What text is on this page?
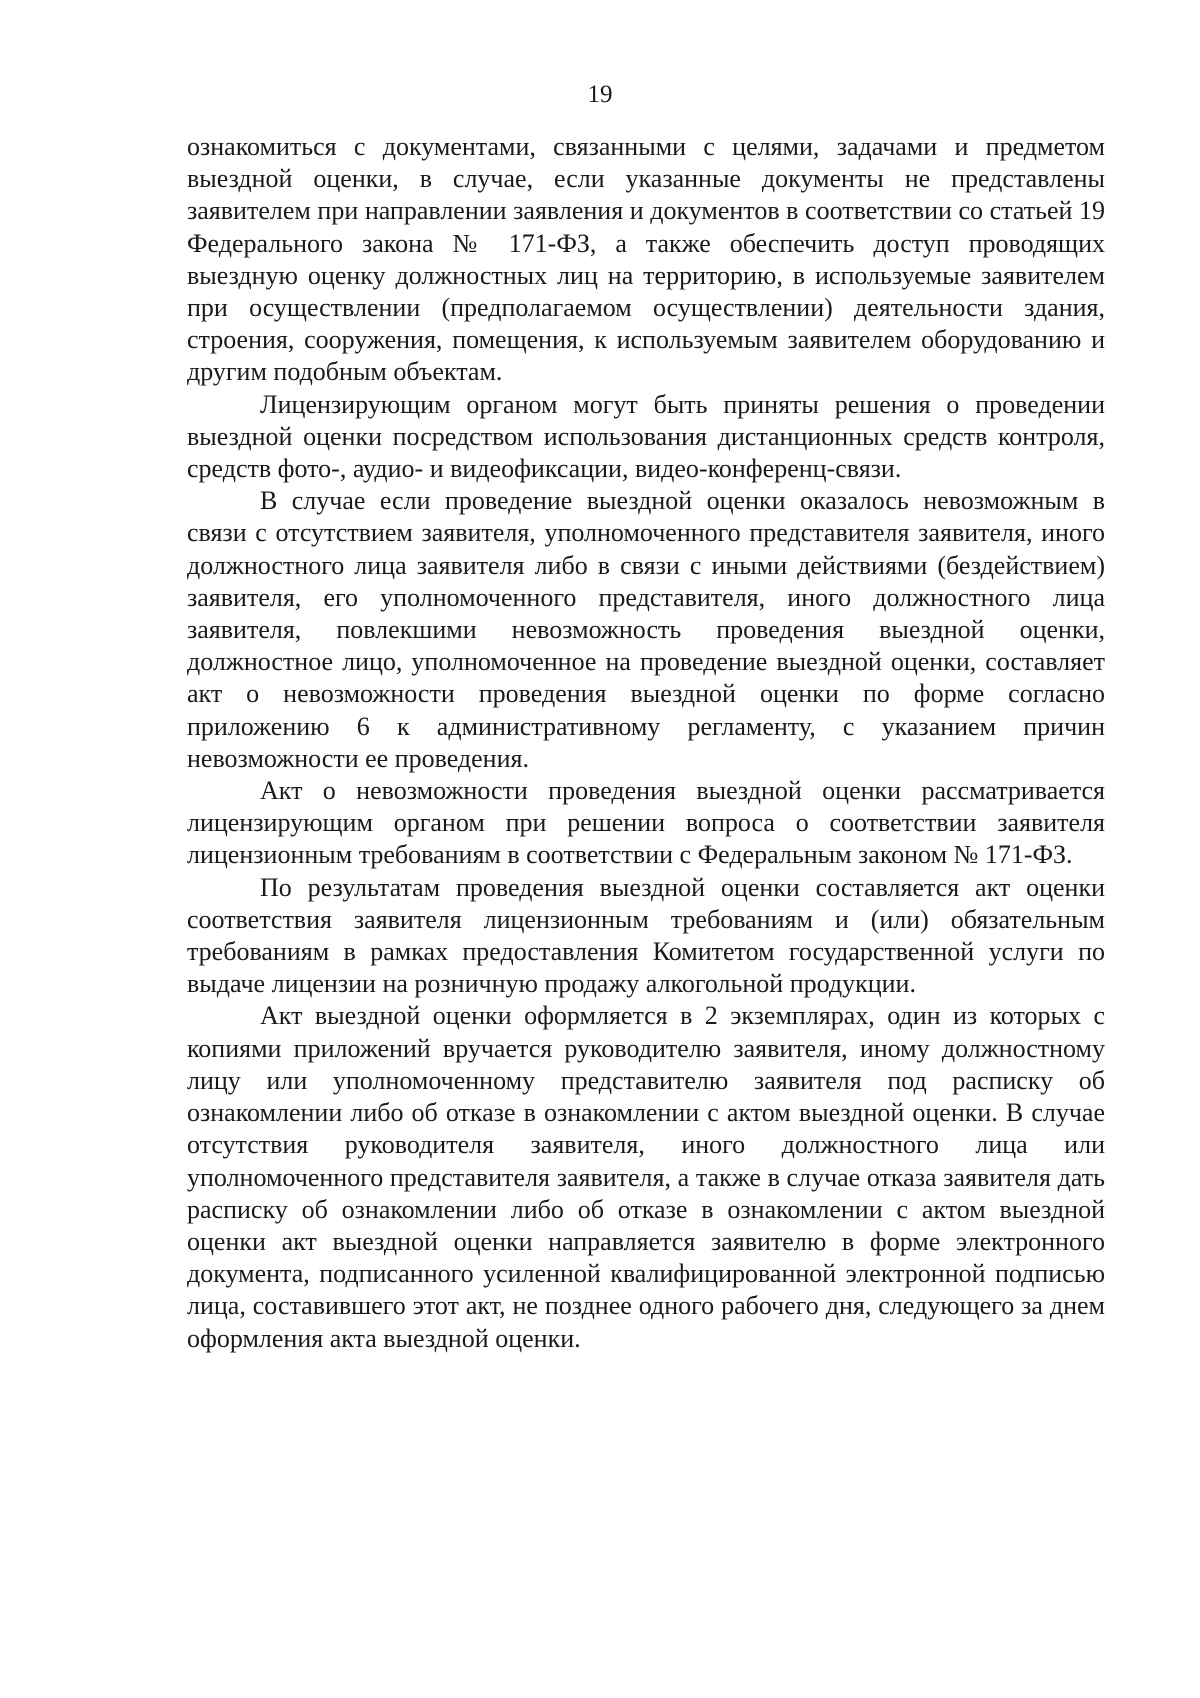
19

ознакомиться с документами, связанными с целями, задачами и предметом выездной оценки, в случае, если указанные документы не представлены заявителем при направлении заявления и документов в соответствии со статьей 19 Федерального закона № 171-ФЗ, а также обеспечить доступ проводящих выездную оценку должностных лиц на территорию, в используемые заявителем при осуществлении (предполагаемом осуществлении) деятельности здания, строения, сооружения, помещения, к используемым заявителем оборудованию и другим подобным объектам.

Лицензирующим органом могут быть приняты решения о проведении выездной оценки посредством использования дистанционных средств контроля, средств фото-, аудио- и видеофиксации, видео-конференц-связи.

В случае если проведение выездной оценки оказалось невозможным в связи с отсутствием заявителя, уполномоченного представителя заявителя, иного должностного лица заявителя либо в связи с иными действиями (бездействием) заявителя, его уполномоченного представителя, иного должностного лица заявителя, повлекшими невозможность проведения выездной оценки, должностное лицо, уполномоченное на проведение выездной оценки, составляет акт о невозможности проведения выездной оценки по форме согласно приложению 6 к административному регламенту, с указанием причин невозможности ее проведения.

Акт о невозможности проведения выездной оценки рассматривается лицензирующим органом при решении вопроса о соответствии заявителя лицензионным требованиям в соответствии с Федеральным законом № 171-ФЗ.

По результатам проведения выездной оценки составляется акт оценки соответствия заявителя лицензионным требованиям и (или) обязательным требованиям в рамках предоставления Комитетом государственной услуги по выдаче лицензии на розничную продажу алкогольной продукции.

Акт выездной оценки оформляется в 2 экземплярах, один из которых с копиями приложений вручается руководителю заявителя, иному должностному лицу или уполномоченному представителю заявителя под расписку об ознакомлении либо об отказе в ознакомлении с актом выездной оценки. В случае отсутствия руководителя заявителя, иного должностного лица или уполномоченного представителя заявителя, а также в случае отказа заявителя дать расписку об ознакомлении либо об отказе в ознакомлении с актом выездной оценки акт выездной оценки направляется заявителю в форме электронного документа, подписанного усиленной квалифицированной электронной подписью лица, составившего этот акт, не позднее одного рабочего дня, следующего за днем оформления акта выездной оценки.
